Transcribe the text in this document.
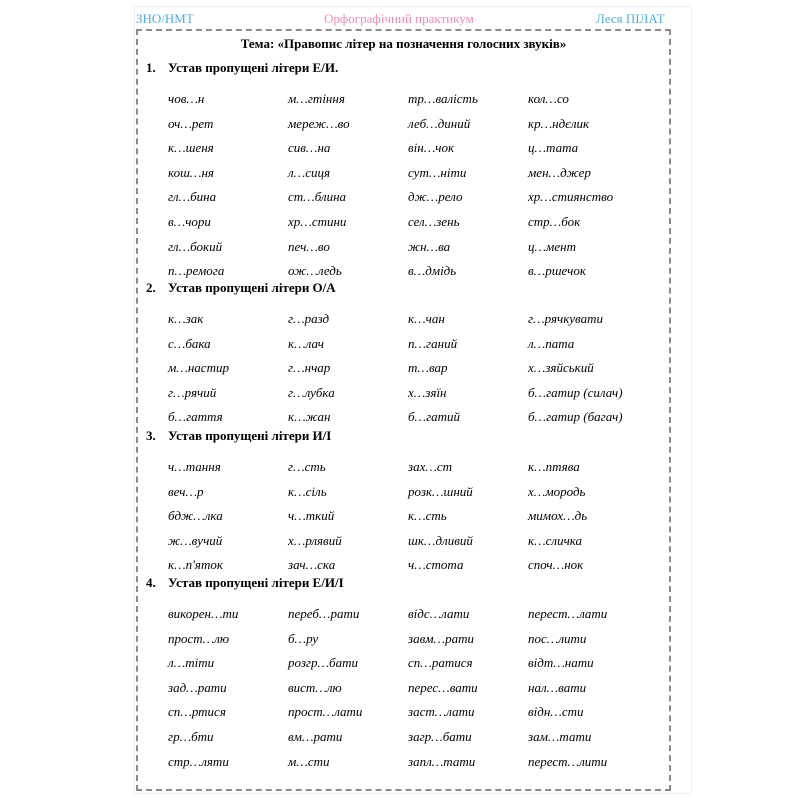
ЗНО/НМТ	Орфографічний практикум	Леся ПІЛАТ
Тема: «Правопис літер на позначення голосних звуків»
1. Устав пропущені літери Е/И.
чов…н	м…гтіння	тр…валість	кол…со
оч…рет	мереж…во	леб…диний	кр…ндєлик
к…шеня	сив…на	він…чок	ц…тата
кош…ня	л…сиця	сут…ніти	мен…джер
гл…бина	ст…блина	дж…рело	хр…стиянство
в…чори	хр…стини	сел…зень	стр…бок
гл…бокий	печ…во	жн…ва	ц…мент
п…ремога	ож…ледь	в…дмідь	в…ршечок
2. Устав пропущені літери О/А
к…зак	г…разд	к…чан	г…рячкувати
с…бака	к…лач	п…ганий	л…пата
м…настир	г…нчар	т…вар	х…зяйський
г…рячий	г…лубка	х…зяїн	б…гатир (силач)
б…гаття	к…жан	б…гатий	б…гатир (багач)
3. Устав пропущені літери И/І
ч…тання	г…сть	зах…ст	к…птява
веч…р	к…сіль	розк…шний	х…мородь
бдж…лка	ч…ткий	к…сть	мимох…дь
ж…вучий	х…рлявий	шк…дливий	к…сличка
к…п'яток	зач…ска	ч…стота	споч…нок
4. Устав пропущені літери Е/И/І
викорен…ти	переб…рати	відс…лати	перест…лати
прост…лю	б…ру	завм…рати	пос…лити
л…тіти	розгр…бати	сп…ратися	відт…нати
зад…рати	вист…лю	перес…вати	нал…вати
сп…ртися	прост…лати	заст…лати	відн…сти
гр…бти	вм…рати	загр…бати	зам…тати
стр…ляти	м…сти	запл…тати	перест…лити
